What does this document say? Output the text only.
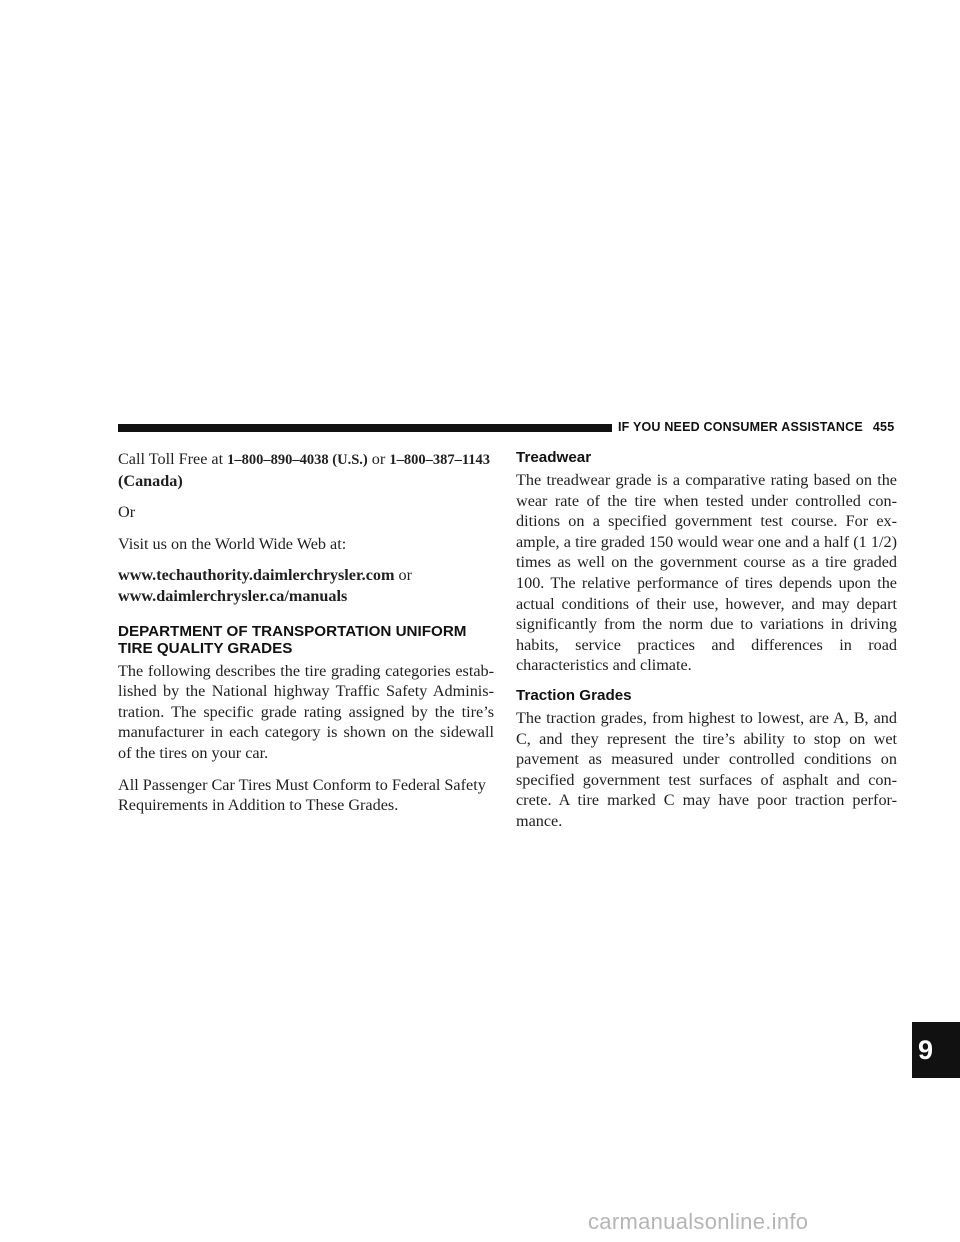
IF YOU NEED CONSUMER ASSISTANCE 455

Call Toll Free at 1–800–890–4038 (U.S.) or 1–800–387–1143
(Canada)

Or

Visit us on the World Wide Web at:

www.techauthority.daimlerchrysler.com or
www.daimlerchrysler.ca/manuals

DEPARTMENT OF TRANSPORTATION UNIFORM
TIRE QUALITY GRADES

The following describes the tire grading categories estab-lished by the National highway Traffic Safety Adminis-tration. The specific grade rating assigned by the tire’s manufacturer in each category is shown on the sidewall of the tires on your car.

All Passenger Car Tires Must Conform to Federal Safety Requirements in Addition to These Grades.

Treadwear

The treadwear grade is a comparative rating based on the wear rate of the tire when tested under controlled con-ditions on a specified government test course. For ex-ample, a tire graded 150 would wear one and a half (1 1/2) times as well on the government course as a tire graded 100. The relative performance of tires depends upon the actual conditions of their use, however, and may depart significantly from the norm due to variations in driving habits, service practices and differences in road characteristics and climate.

Traction Grades

The traction grades, from highest to lowest, are A, B, and C, and they represent the tire’s ability to stop on wet pavement as measured under controlled conditions on specified government test surfaces of asphalt and con-crete. A tire marked C may have poor traction perfor-mance.

9
carmanualsonline.info
